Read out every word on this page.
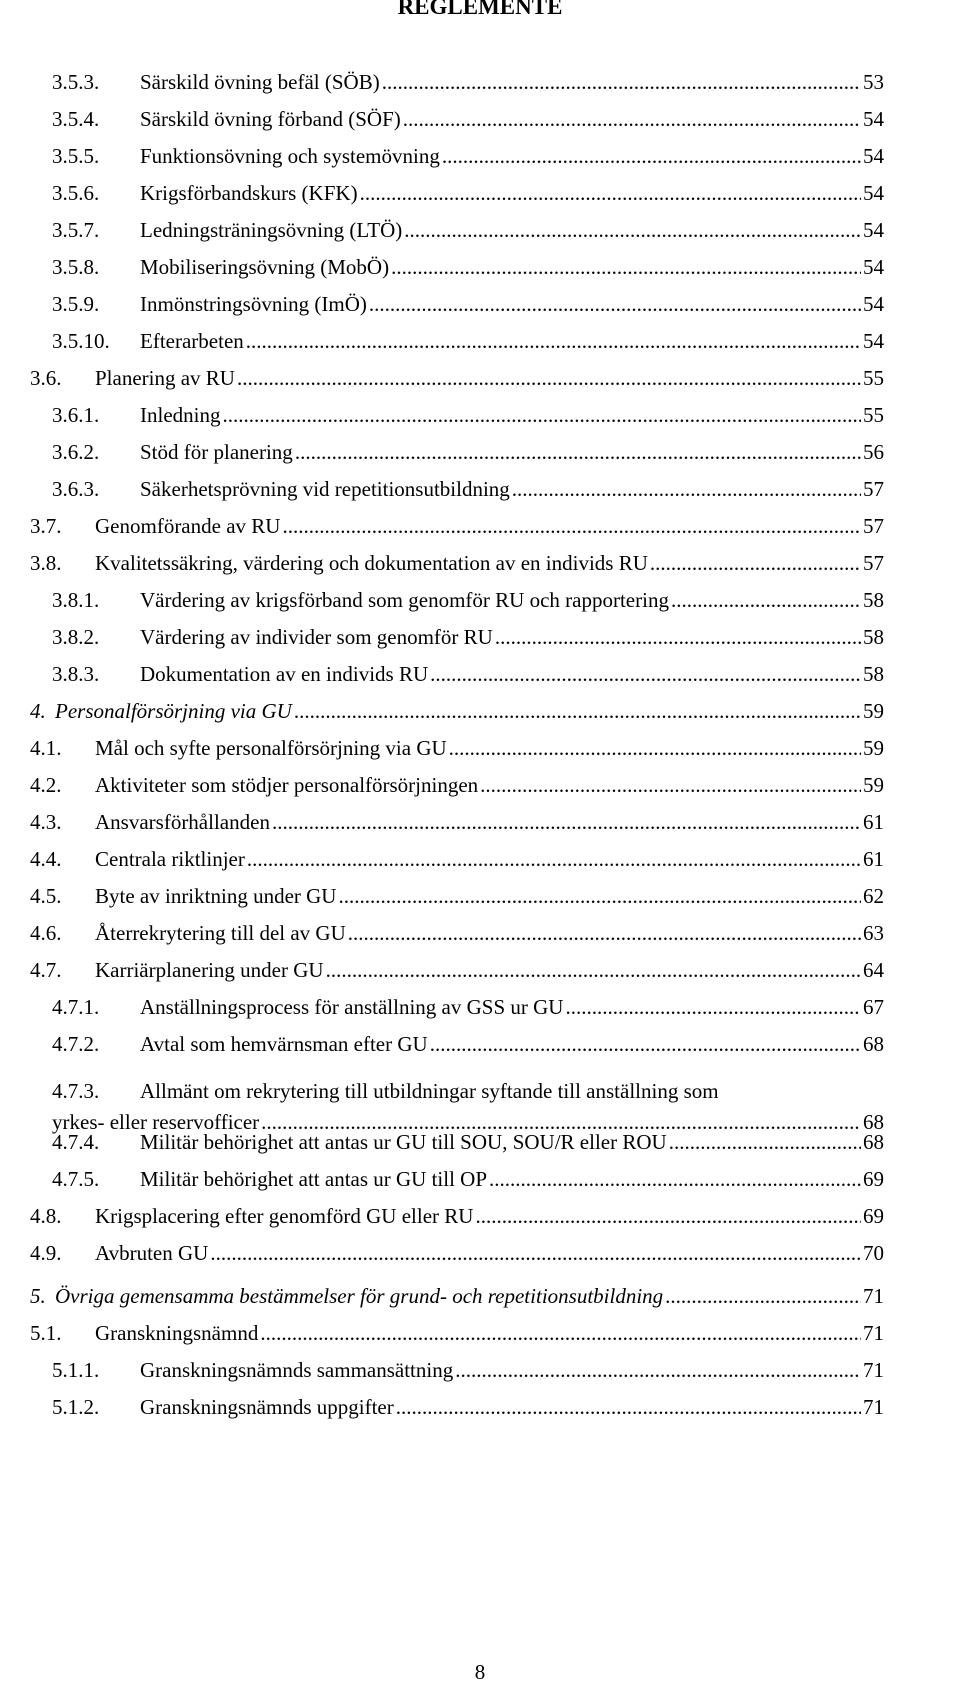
REGLEMENTE
3.5.3. Särskild övning befäl (SÖB) .....	53
3.5.4. Särskild övning förband (SÖF) .....	54
3.5.5. Funktionsövning och systemövning .....	54
3.5.6. Krigsförbandskurs (KFK) .....	54
3.5.7. Ledningsträningsövning (LTÖ) .....	54
3.5.8. Mobiliseringsövning (MobÖ) .....	54
3.5.9. Inmönstringsövning (ImÖ) .....	54
3.5.10. Efterarbeten .....	54
3.6. Planering av RU .....	55
3.6.1. Inledning .....	55
3.6.2. Stöd för planering .....	56
3.6.3. Säkerhetsprövning vid repetitionsutbildning .....	57
3.7. Genomförande av RU .....	57
3.8. Kvalitetssäkring, värdering och dokumentation av en individs RU .....	57
3.8.1. Värdering av krigsförband som genomför RU och rapportering .....	58
3.8.2. Värdering av individer som genomför RU .....	58
3.8.3. Dokumentation av en individs RU .....	58
4. Personalförsörjning via GU .....	59
4.1. Mål och syfte personalförsörjning via GU .....	59
4.2. Aktiviteter som stödjer personalförsörjningen .....	59
4.3. Ansvarsförhållanden .....	61
4.4. Centrala riktlinjer .....	61
4.5. Byte av inriktning under GU .....	62
4.6. Återrekrytering till del av GU .....	63
4.7. Karriärplanering under GU .....	64
4.7.1. Anställningsprocess för anställning av GSS ur GU .....	67
4.7.2. Avtal som hemvärnsman efter GU .....	68
4.7.3. Allmänt om rekrytering till utbildningar syftande till anställning som
yrkes- eller reservofficer .....	68
4.7.4. Militär behörighet att antas ur GU till SOU, SOU/R eller ROU .....	68
4.7.5. Militär behörighet att antas ur GU till OP .....	69
4.8. Krigsplacering efter genomförd GU eller RU .....	69
4.9. Avbruten GU .....	70
5. Övriga gemensamma bestämmelser för grund- och repetitionsutbildning .....	71
5.1. Granskningsnämnd .....	71
5.1.1. Granskningsnämnds sammansättning .....	71
5.1.2. Granskningsnämnds uppgifter .....	71
8
